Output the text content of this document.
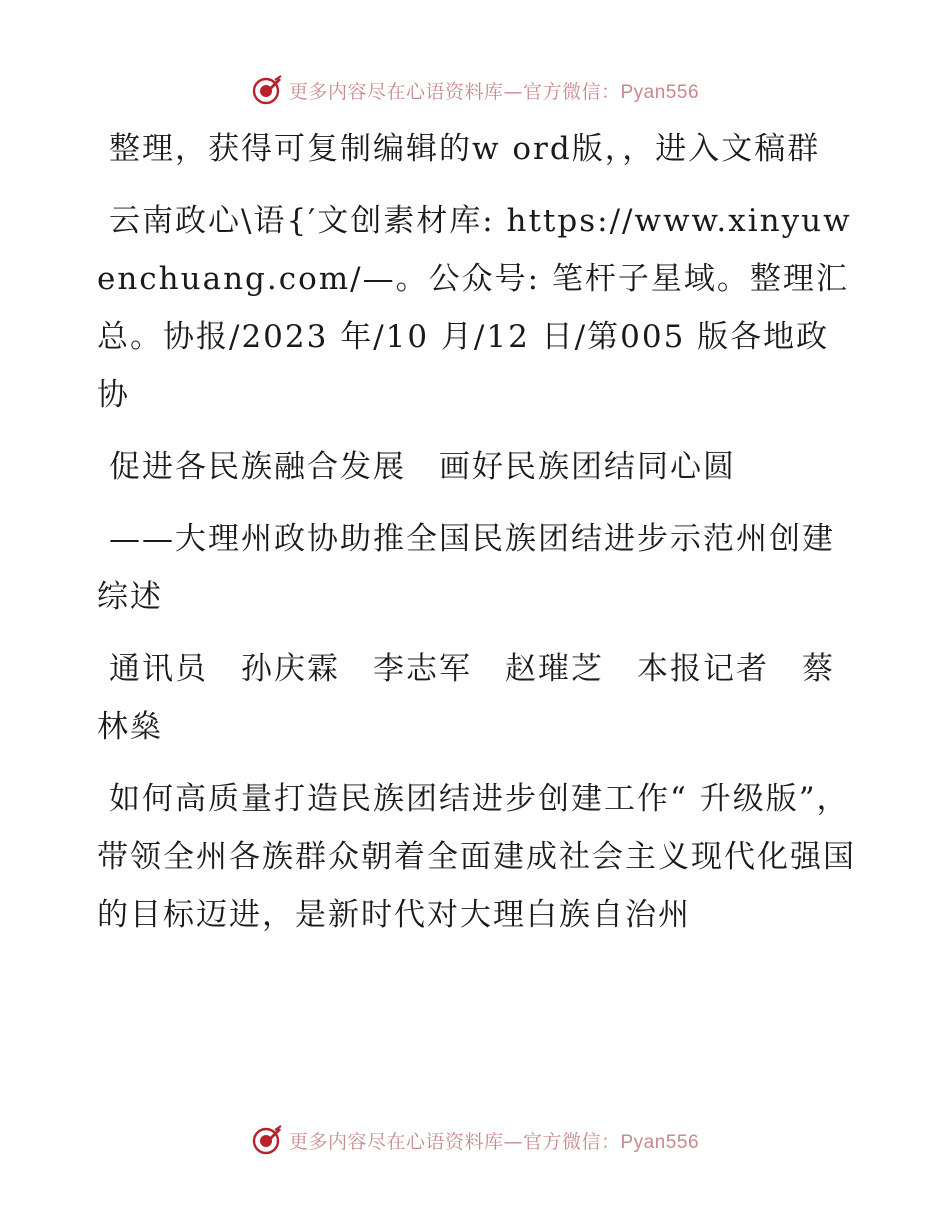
更多内容尽在心语资料库—官方微信：Pyan556

整理，获得可复制编辑的w ord版，，进入文稿群

云南政心\语{′文创素材库: https://www.xinyuwenchuang.com/—。公众号: 笔杆子星域。整理汇总。协报/2023 年/10 月/12 日/第005 版各地政协

促进各民族融合发展　画好民族团结同心圆

——大理州政协助推全国民族团结进步示范州创建综述

通讯员　孙庆霖　李志军　赵璀芝　本报记者　蔡林燊

如何高质量打造民族团结进步创建工作“ 升级版”，带领全州各族群众朝着全面建成社会主义现代化强国的目标迈进，是新时代对大理白族自治州

更多内容尽在心语资料库—官方微信：Pyan556
